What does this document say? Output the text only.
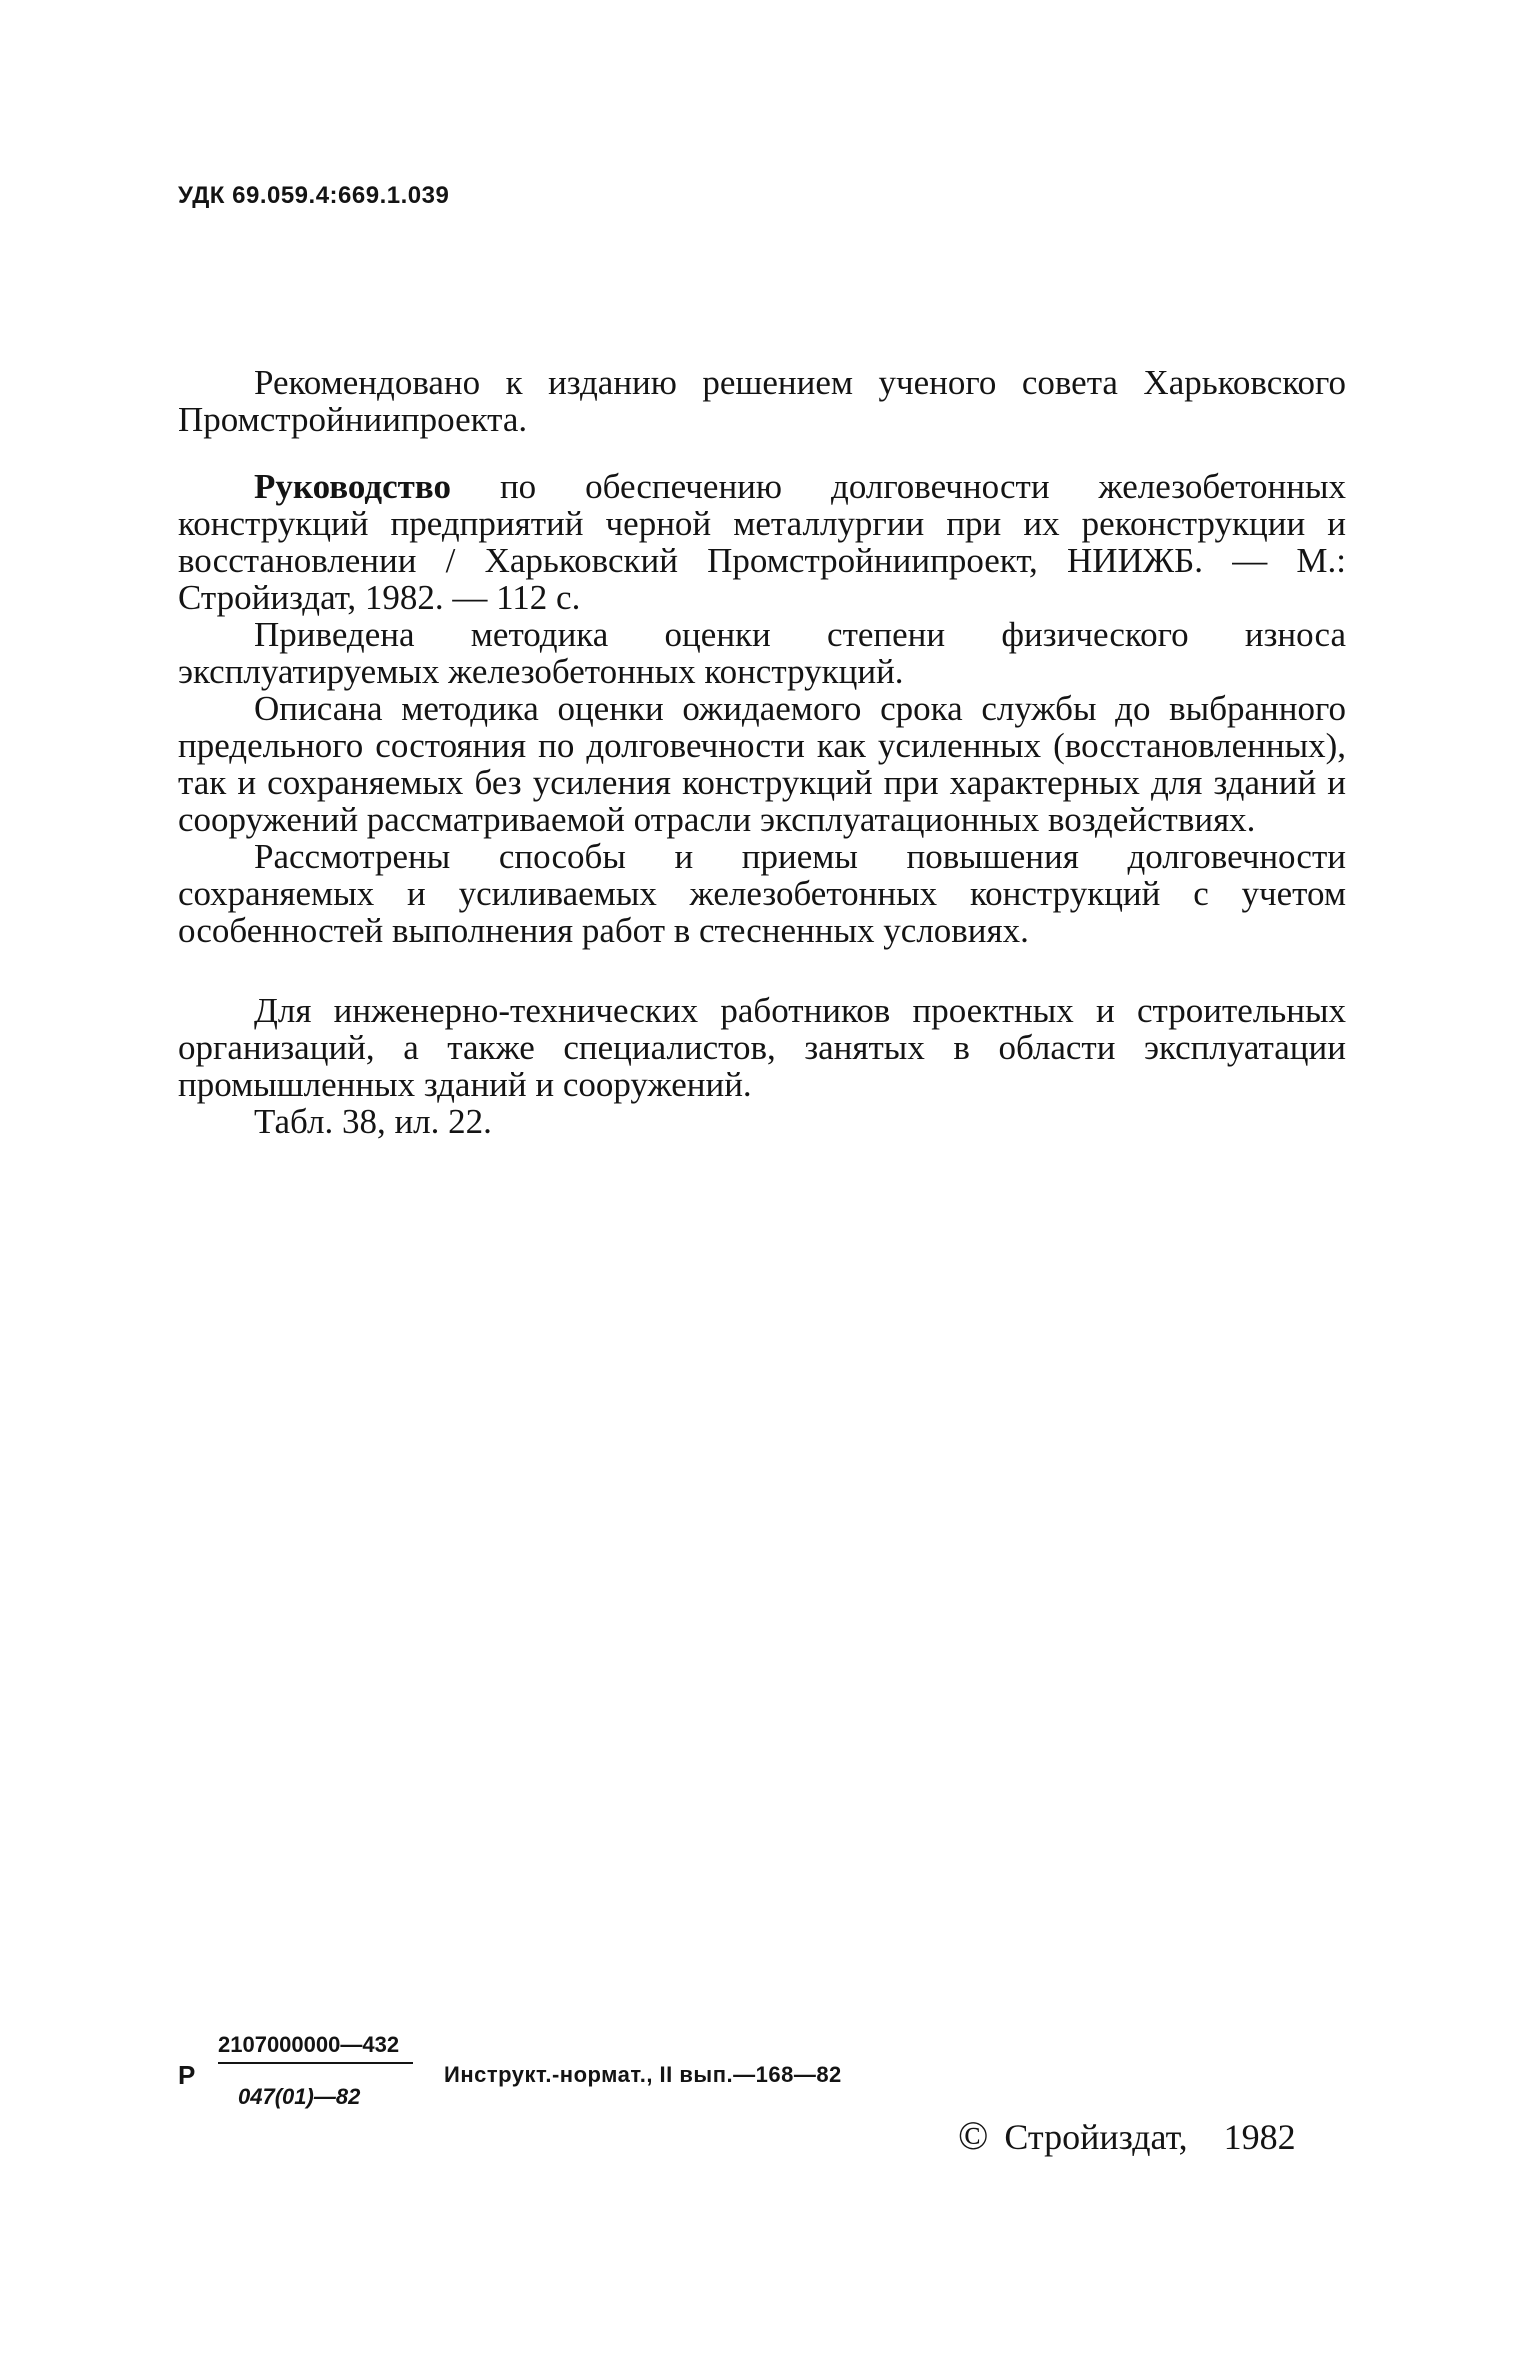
УДК 69.059.4:669.1.039

Рекомендовано к изданию решением ученого совета Харьковского Промстройниипроекта.

Руководство по обеспечению долговечности железобетонных конструкций предприятий черной металлургии при их реконструкции и восстановлении / Харьковский Промстройниипроект, НИИЖБ. — М.: Стройиздат, 1982. — 112 с.

Приведена методика оценки степени физического износа эксплуатируемых железобетонных конструкций.

Описана методика оценки ожидаемого срока службы до выбранного предельного состояния по долговечности как усиленных (восстановленных), так и сохраняемых без усиления конструкций при характерных для зданий и сооружений рассматриваемой отрасли эксплуатационных воздействиях.

Рассмотрены способы и приемы повышения долговечности сохраняемых и усиливаемых железобетонных конструкций с учетом особенностей выполнения работ в стесненных условиях.

Для инженерно-технических работников проектных и строительных организаций, а также специалистов, занятых в области эксплуатации промышленных зданий и сооружений.

Табл. 38, ил. 22.

Р
2107000000—432
047(01)—82
Инструкт.-нормат., II вып.—168—82
© Стройиздат, 1982
